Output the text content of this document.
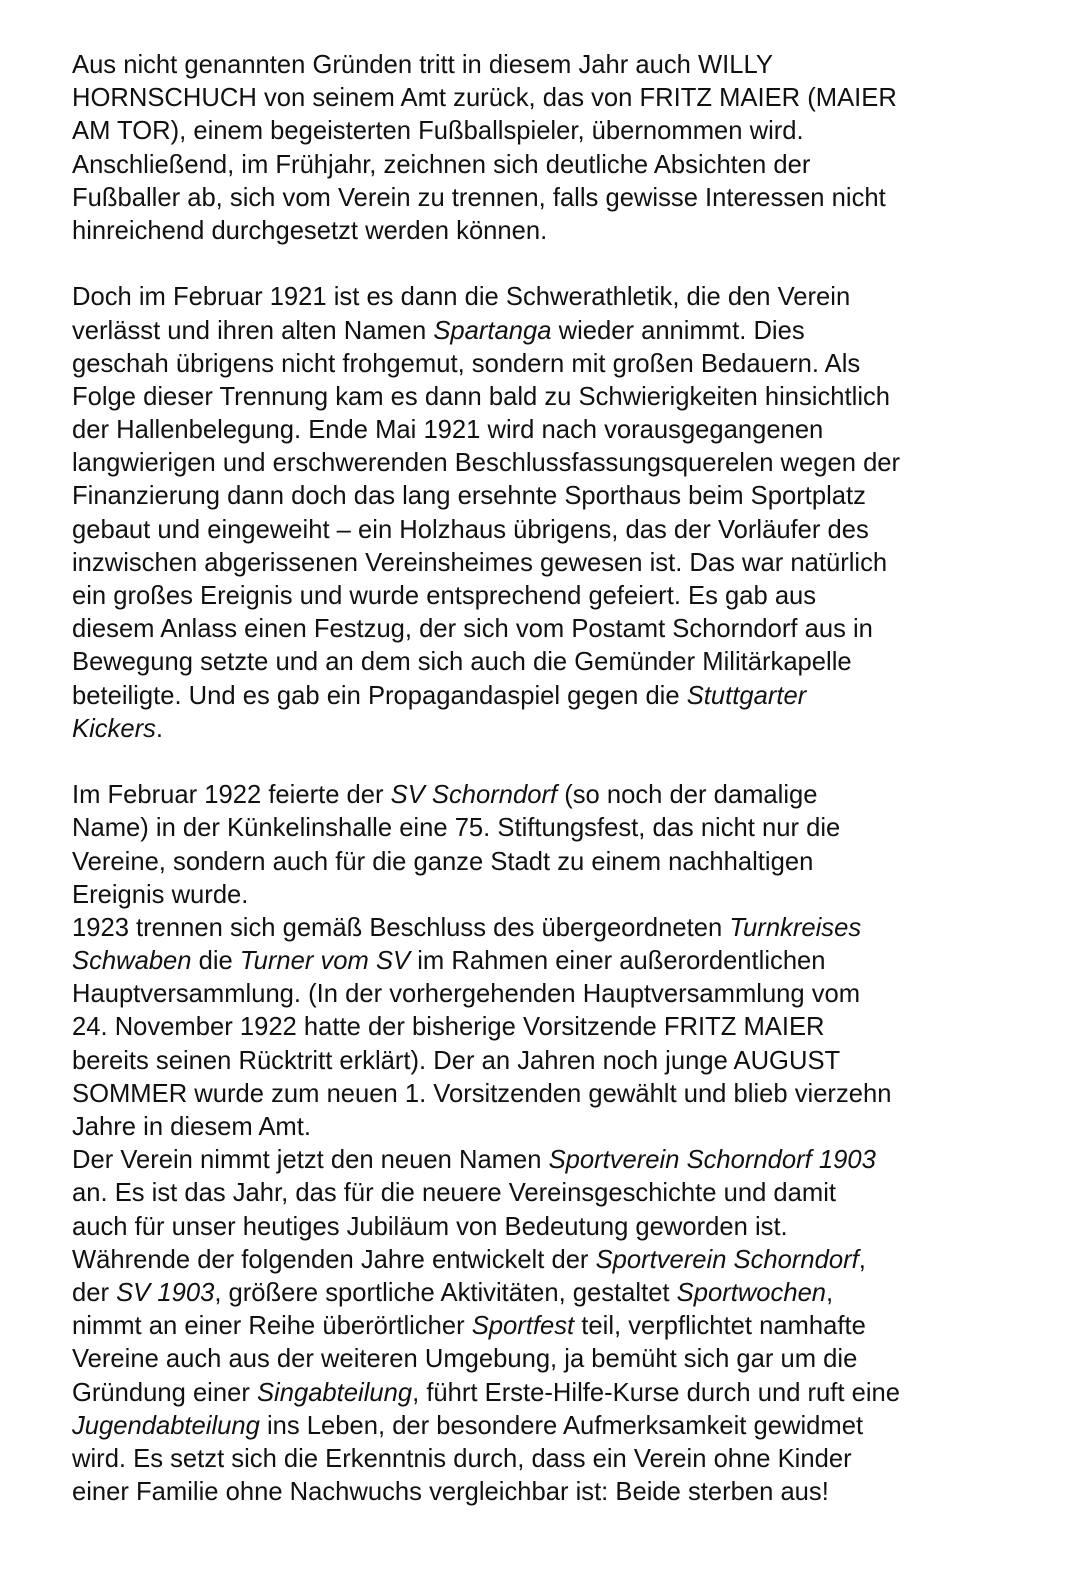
Aus nicht genannten Gründen tritt in diesem Jahr auch WILLY
HORNSCHUCH von seinem Amt zurück, das von FRITZ MAIER (MAIER
AM TOR), einem begeisterten Fußballspieler, übernommen wird.
Anschließend, im Frühjahr, zeichnen sich deutliche Absichten der
Fußballer ab, sich vom Verein zu trennen, falls gewisse Interessen nicht
hinreichend durchgesetzt werden können.
Doch im Februar 1921 ist es dann die Schwerathletik, die den Verein
verlässt und ihren alten Namen Spartanga wieder annimmt. Dies
geschah übrigens nicht frohgemut, sondern mit großen Bedauern. Als
Folge dieser Trennung kam es dann bald zu Schwierigkeiten hinsichtlich
der Hallenbelegung. Ende Mai 1921 wird nach vorausgegangenen
langwierigen und erschwerenden Beschlussfassungsquerelen wegen der
Finanzierung dann doch das lang ersehnte Sporthaus beim Sportplatz
gebaut und eingeweiht – ein Holzhaus übrigens, das der Vorläufer des
inzwischen abgerissenen Vereinsheimes gewesen ist. Das war natürlich
ein großes Ereignis und wurde entsprechend gefeiert. Es gab aus
diesem Anlass einen Festzug, der sich vom Postamt Schorndorf aus in
Bewegung setzte und an dem sich auch die Gemünder Militärkapelle
beteiligte. Und es gab ein Propagandaspiel gegen die Stuttgarter
Kickers.
Im Februar 1922 feierte der SV Schorndorf (so noch der damalige
Name) in der Künkelinshalle eine 75. Stiftungsfest, das nicht nur die
Vereine, sondern auch für die ganze Stadt zu einem nachhaltigen
Ereignis wurde.
1923 trennen sich gemäß Beschluss des übergeordneten Turnkreises
Schwaben die Turner vom SV im Rahmen einer außerordentlichen
Hauptversammlung. (In der vorhergehenden Hauptversammlung vom
24. November 1922 hatte der bisherige Vorsitzende FRITZ MAIER
bereits seinen Rücktritt erklärt). Der an Jahren noch junge AUGUST
SOMMER wurde zum neuen 1. Vorsitzenden gewählt und blieb vierzehn
Jahre in diesem Amt.
Der Verein nimmt jetzt den neuen Namen Sportverein Schorndorf 1903
an. Es ist das Jahr, das für die neuere Vereinsgeschichte und damit
auch für unser heutiges Jubiläum von Bedeutung geworden ist.
Währende der folgenden Jahre entwickelt der Sportverein Schorndorf,
der SV 1903, größere sportliche Aktivitäten, gestaltet Sportwochen,
nimmt an einer Reihe überörtlicher Sportfest teil, verpflichtet namhafte
Vereine auch aus der weiteren Umgebung, ja bemüht sich gar um die
Gründung einer Singabteilung, führt Erste-Hilfe-Kurse durch und ruft eine
Jugendabteilung ins Leben, der besondere Aufmerksamkeit gewidmet
wird. Es setzt sich die Erkenntnis durch, dass ein Verein ohne Kinder
einer Familie ohne Nachwuchs vergleichbar ist: Beide sterben aus!
